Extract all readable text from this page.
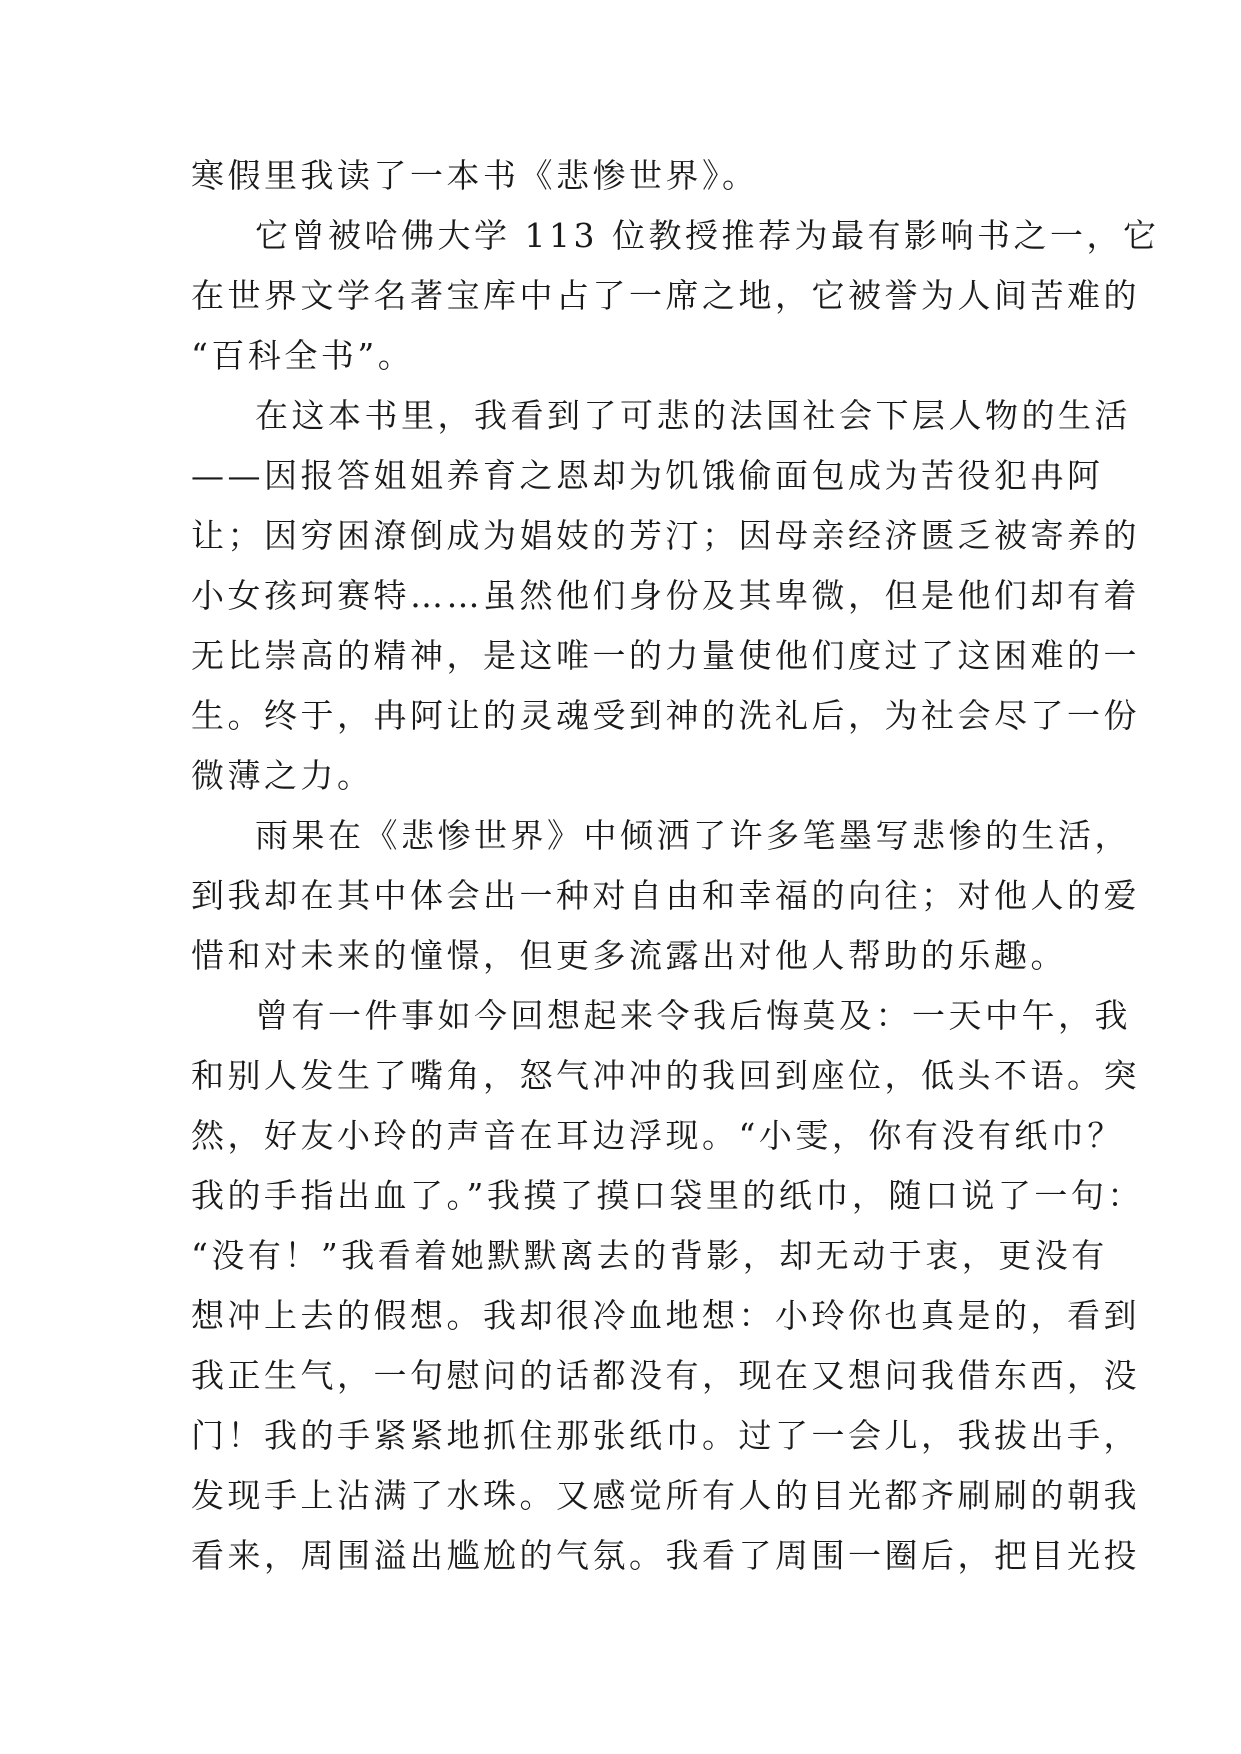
寒假里我读了一本书《悲惨世界》。
它曾被哈佛大学 113 位教授推荐为最有影响书之一，它
在世界文学名著宝库中占了一席之地，它被誉为人间苦难的
“百科全书”。
在这本书里，我看到了可悲的法国社会下层人物的生活
——因报答姐姐养育之恩却为饥饿偷面包成为苦役犯冉阿
让；因穷困潦倒成为娼妓的芳汀；因母亲经济匮乏被寄养的
小女孩珂赛特……虽然他们身份及其卑微，但是他们却有着
无比崇高的精神，是这唯一的力量使他们度过了这困难的一
生。终于，冉阿让的灵魂受到神的洗礼后，为社会尽了一份
微薄之力。
雨果在《悲惨世界》中倾洒了许多笔墨写悲惨的生活，
到我却在其中体会出一种对自由和幸福的向往；对他人的爱
惜和对未来的憧憬，但更多流露出对他人帮助的乐趣。
曾有一件事如今回想起来令我后悔莫及：一天中午，我
和别人发生了嘴角，怒气冲冲的我回到座位，低头不语。突
然，好友小玲的声音在耳边浮现。“小雯，你有没有纸巾？
我的手指出血了。”我摸了摸口袋里的纸巾，随口说了一句：
“没有！”我看着她默默离去的背影，却无动于衷，更没有
想冲上去的假想。我却很冷血地想：小玲你也真是的，看到
我正生气，一句慰问的话都没有，现在又想问我借东西，没
门！我的手紧紧地抓住那张纸巾。过了一会儿，我拔出手，
发现手上沾满了水珠。又感觉所有人的目光都齐刷刷的朝我
看来，周围溢出尴尬的气氛。我看了周围一圈后，把目光投
